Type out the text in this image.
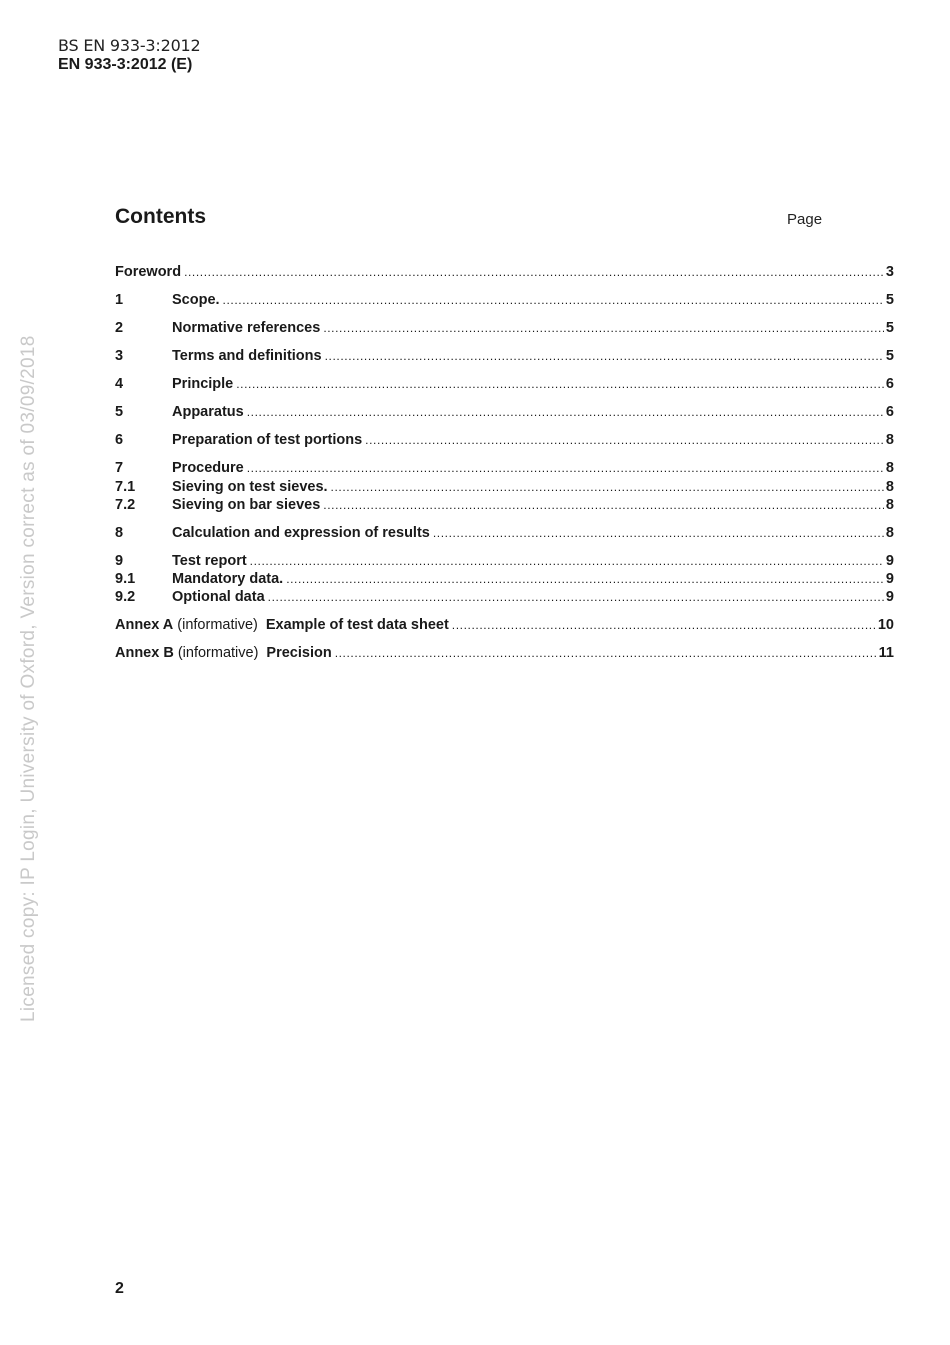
BS EN 933-3:2012
EN 933-3:2012 (E)
Contents	Page
Foreword .....	3
1	Scope. .....	5
2	Normative references .....	5
3	Terms and definitions .....	5
4	Principle .....	6
5	Apparatus .....	6
6	Preparation of test portions .....	8
7	Procedure .....	8
7.1	Sieving on test sieves. .....	8
7.2	Sieving on bar sieves .....	8
8	Calculation and expression of results .....	8
9	Test report .....	9
9.1	Mandatory data. .....	9
9.2	Optional data .....	9
Annex A (informative) Example of test data sheet .....	10
Annex B (informative) Precision .....	11
Licensed copy: IP Login, University of Oxford, Version correct as of 03/09/2018
2
